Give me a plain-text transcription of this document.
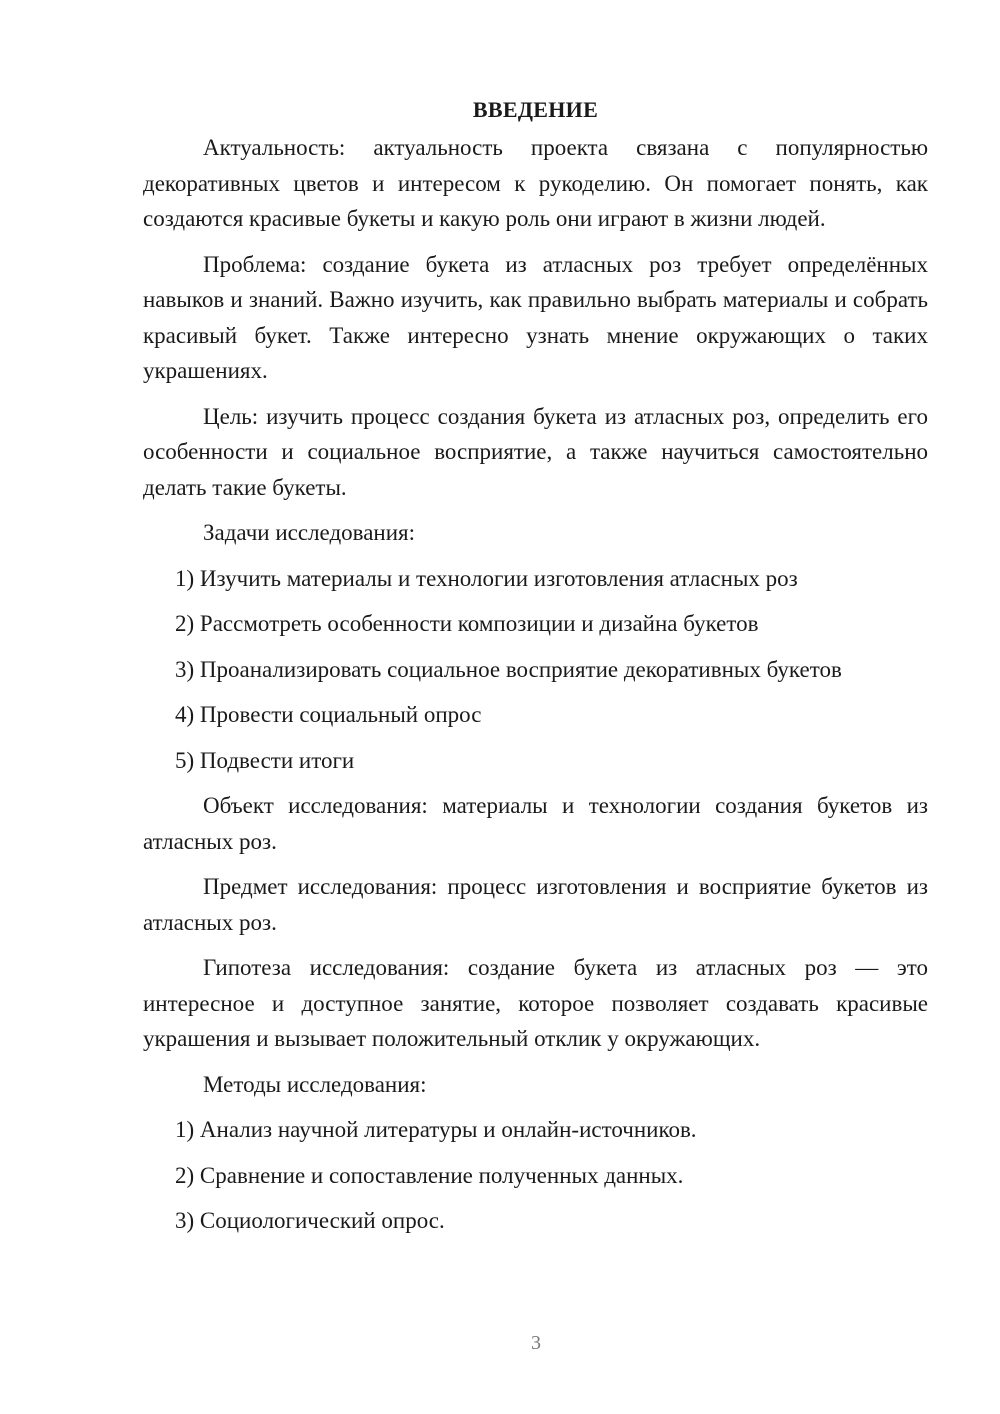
ВВЕДЕНИЕ

Актуальность: актуальность проекта связана с популярностью декоративных цветов и интересом к рукоделию. Он помогает понять, как создаются красивые букеты и какую роль они играют в жизни людей.

Проблема: создание букета из атласных роз требует определённых навыков и знаний. Важно изучить, как правильно выбрать материалы и собрать красивый букет. Также интересно узнать мнение окружающих о таких украшениях.

Цель: изучить процесс создания букета из атласных роз, определить его особенности и социальное восприятие, а также научиться самостоятельно делать такие букеты.

Задачи исследования:

1) Изучить материалы и технологии изготовления атласных роз
2) Рассмотреть особенности композиции и дизайна букетов
3) Проанализировать социальное восприятие декоративных букетов
4) Провести социальный опрос
5) Подвести итоги

Объект исследования: материалы и технологии создания букетов из атласных роз.

Предмет исследования: процесс изготовления и восприятие букетов из атласных роз.

Гипотеза исследования: создание букета из атласных роз — это интересное и доступное занятие, которое позволяет создавать красивые украшения и вызывает положительный отклик у окружающих.

Методы исследования:

1) Анализ научной литературы и онлайн-источников.
2) Сравнение и сопоставление полученных данных.
3) Социологический опрос.
3
